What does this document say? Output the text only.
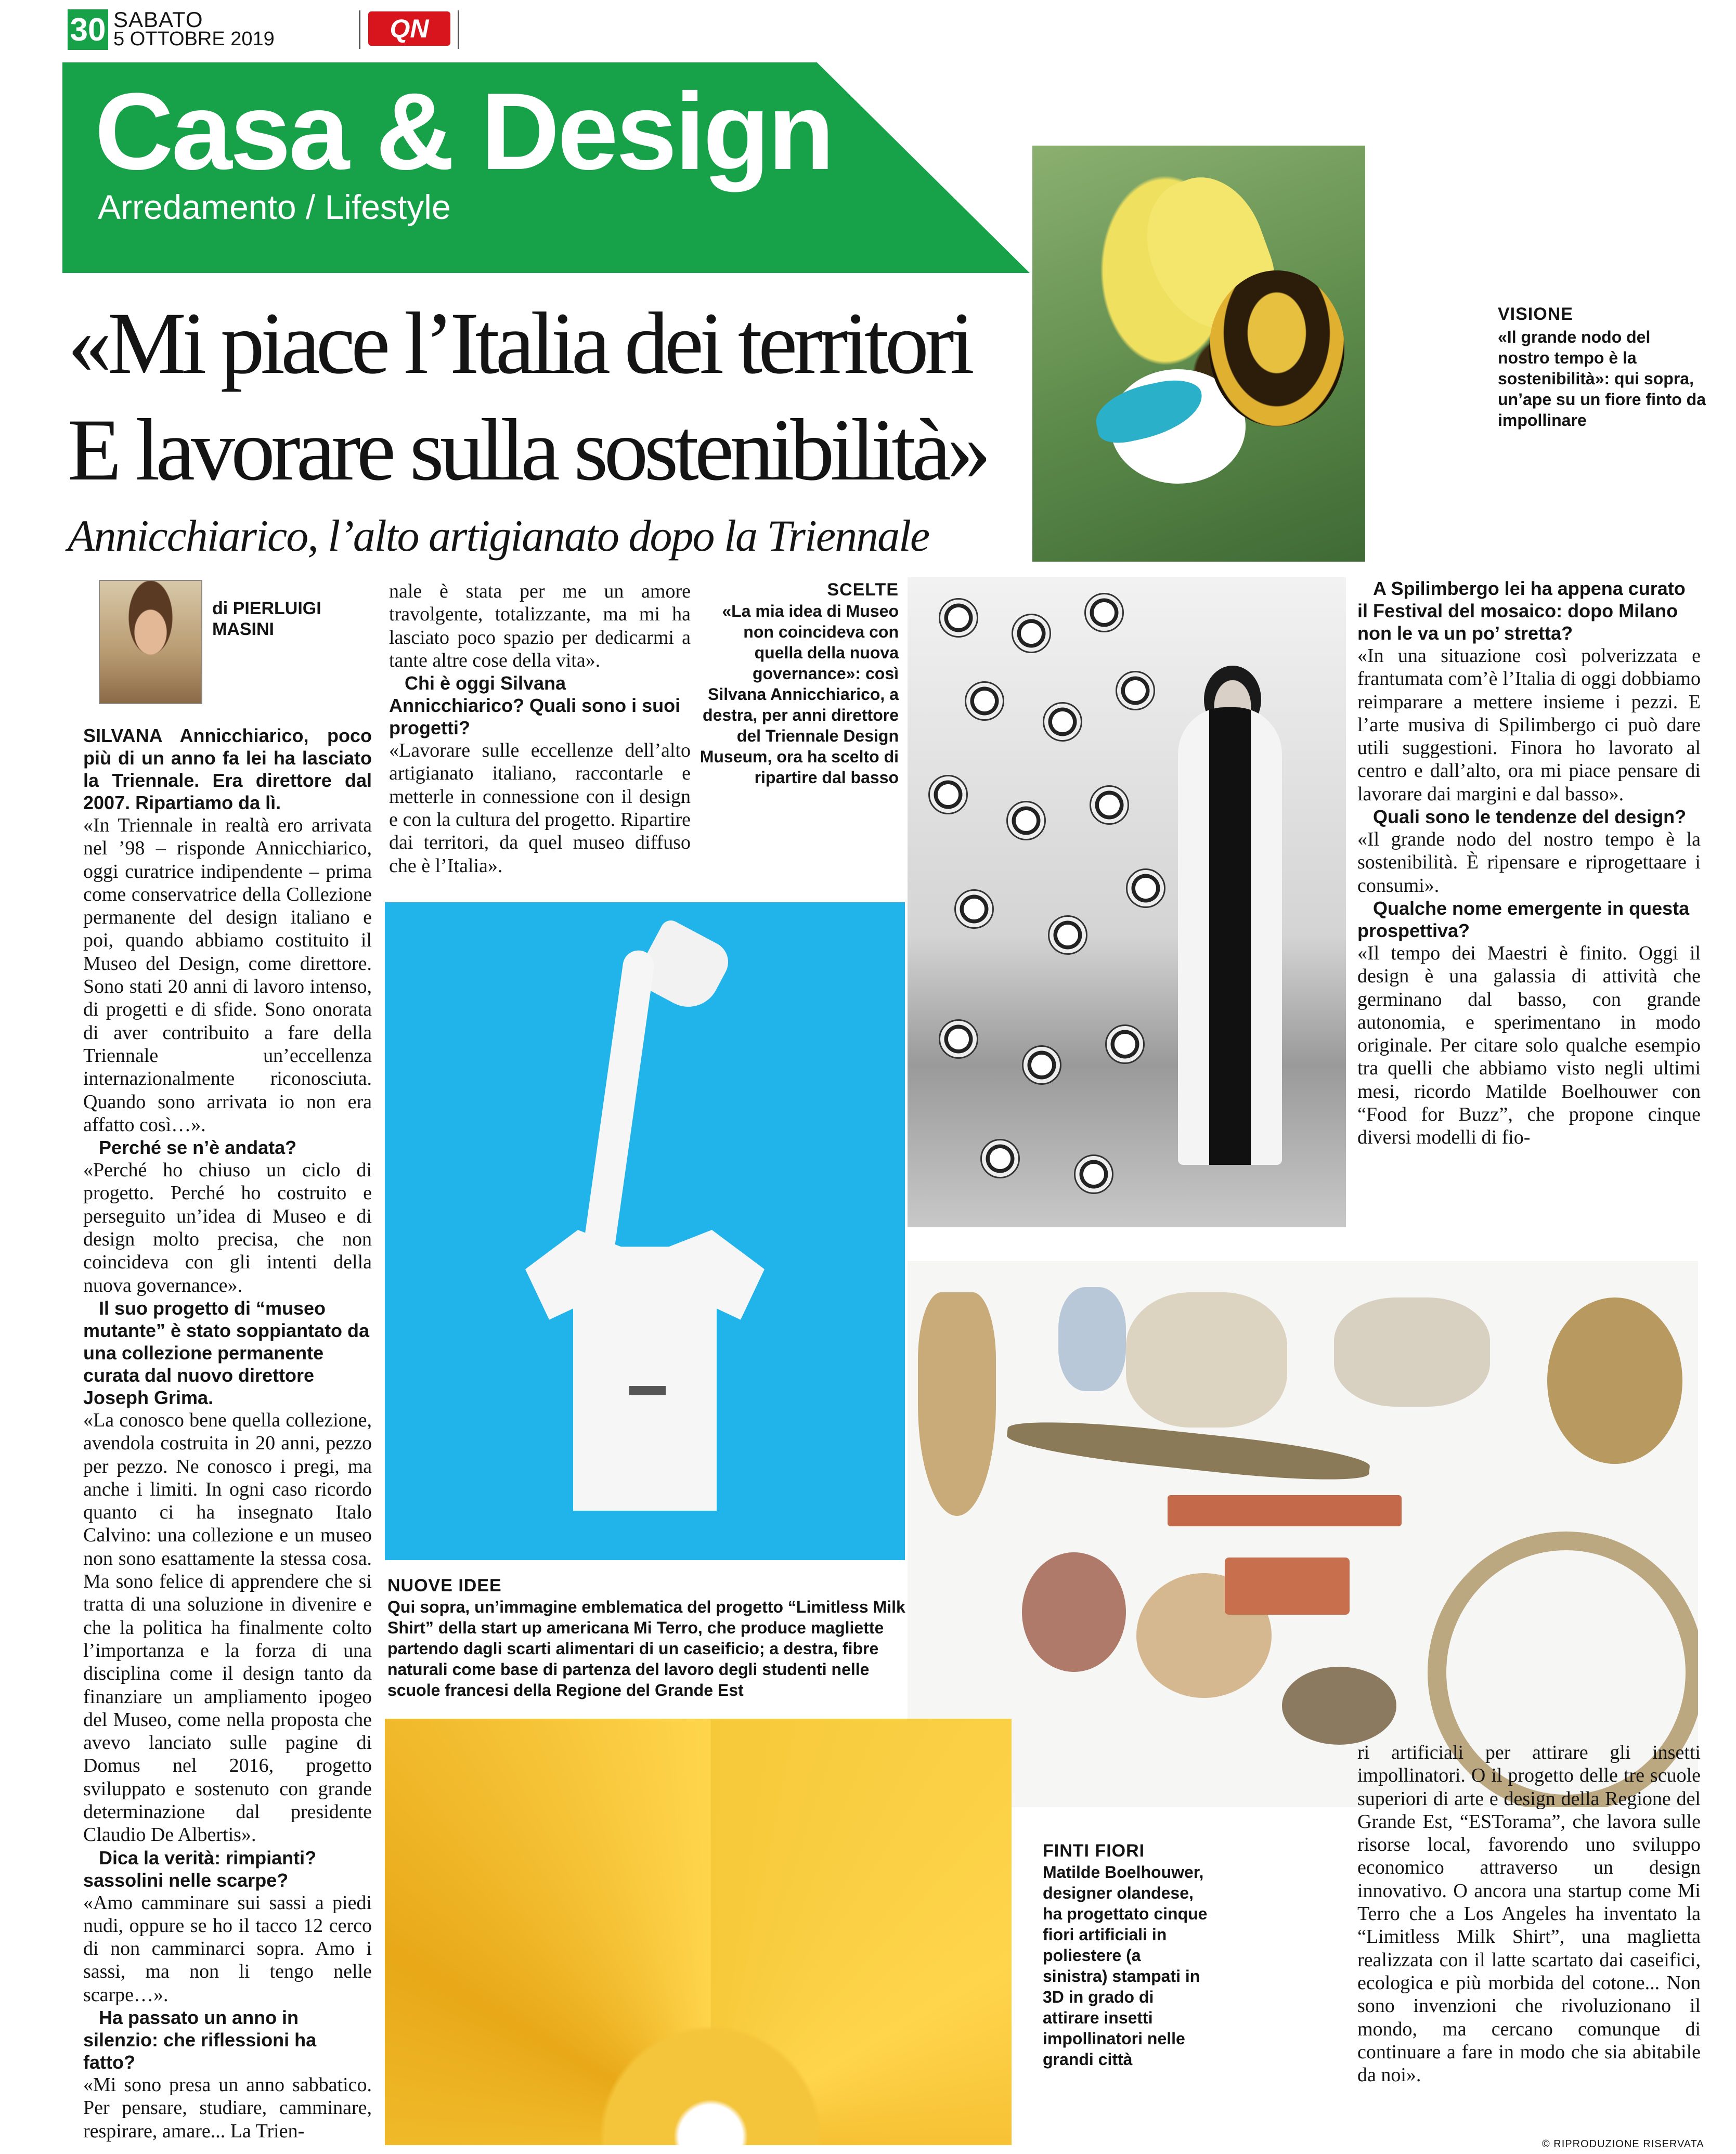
30 SABATO
5 OTTOBRE 2019	QN
Casa & Design
Arredamento / Lifestyle
«Mi piace l’Italia dei territori
E lavorare sulla sostenibilità»
Annicchiarico, l’alto artigianato dopo la Triennale
di PIERLUIGI MASINI
VISIONE
«Il grande nodo del nostro tempo è la sostenibilità»: qui sopra, un’ape su un fiore finto da impollinare
SCELTE
«La mia idea di Museo non coincideva con quella della nuova governance»: così Silvana Annicchiarico, a destra, per anni direttore del Triennale Design Museum, ora ha scelto di ripartire dal basso
NUOVE IDEE
Qui sopra, un’immagine emblematica del progetto “Limitless Milk Shirt” della start up americana Mi Terro, che produce magliette partendo dagli scarti alimentari di un caseificio; a destra, fibre naturali come base di partenza del lavoro degli studenti nelle scuole francesi della Regione del Grande Est
FINTI FIORI
Matilde Boelhouwer, designer olandese, ha progettato cinque fiori artificiali in poliestere (a sinistra) stampati in 3D in grado di attirare insetti impollinatori nelle grandi città

SILVANA Annicchiarico, poco più di un anno fa lei ha lasciato la Triennale. Era direttore dal 2007. Ripartiamo da lì.

«In Triennale in realtà ero arrivata nel ’98 – risponde Annicchiarico, oggi curatrice indipendente – prima come conservatrice della Collezione permanente del design italiano e poi, quando abbiamo costituito il Museo del Design, come direttore. Sono stati 20 anni di lavoro intenso, di progetti e di sfide. Sono onorata di aver contribuito a fare della Triennale un’eccellenza internazionalmente riconosciuta. Quando sono arrivata io non era affatto così…».

Perché se n’è andata?

«Perché ho chiuso un ciclo di progetto. Perché ho costruito e perseguito un’idea di Museo e di design molto precisa, che non coincideva con gli intenti della nuova governance».

Il suo progetto di “museo mutante” è stato soppiantato da una collezione permanente curata dal nuovo direttore Joseph Grima.

«La conosco bene quella collezione, avendola costruita in 20 anni, pezzo per pezzo. Ne conosco i pregi, ma anche i limiti. In ogni caso ricordo quanto ci ha insegnato Italo Calvino: una collezione e un museo non sono esattamente la stessa cosa. Ma sono felice di apprendere che si tratta di una soluzione in divenire e che la politica ha finalmente colto l’importanza e la forza di una disciplina come il design tanto da finanziare un ampliamento ipogeo del Museo, come nella proposta che avevo lanciato sulle pagine di Domus nel 2016, progetto sviluppato e sostenuto con grande determinazione dal presidente Claudio De Albertis».

Dica la verità: rimpianti? sassolini nelle scarpe?

«Amo camminare sui sassi a piedi nudi, oppure se ho il tacco 12 cerco di non camminarci sopra. Amo i sassi, ma non li tengo nelle scarpe…».

Ha passato un anno in silenzio: che riflessioni ha fatto?

«Mi sono presa un anno sabbatico. Per pensare, studiare, camminare, respirare, amare... La Trien-

nale è stata per me un amore travolgente, totalizzante, ma mi ha lasciato poco spazio per dedicarmi a tante altre cose della vita».

Chi è oggi Silvana Annicchiarico? Quali sono i suoi progetti?

«Lavorare sulle eccellenze dell’alto artigianato italiano, raccontarle e metterle in connessione con il design e con la cultura del progetto. Ripartire dai territori, da quel museo diffuso che è l’Italia».

A Spilimbergo lei ha appena curato il Festival del mosaico: dopo Milano non le va un po’ stretta?

«In una situazione così polverizzata e frantumata com’è l’Italia di oggi dobbiamo reimparare a mettere insieme i pezzi. E l’arte musiva di Spilimbergo ci può dare utili suggestioni. Finora ho lavorato al centro e dall’alto, ora mi piace pensare di lavorare dai margini e dal basso».

Quali sono le tendenze del design?

«Il grande nodo del nostro tempo è la sostenibilità. È ripensare e riprogettaare i consumi».

Qualche nome emergente in questa prospettiva?

«Il tempo dei Maestri è finito. Oggi il design è una galassia di attività che germinano dal basso, con grande autonomia, e sperimentano in modo originale. Per citare solo qualche esempio tra quelli che abbiamo visto negli ultimi mesi, ricordo Matilde Boelhouwer con “Food for Buzz”, che propone cinque diversi modelli di fio-

ri artificiali per attirare gli insetti impollinatori. O il progetto delle tre scuole superiori di arte e design della Regione del Grande Est, “ESTorama”, che lavora sulle risorse local, favorendo uno sviluppo economico attraverso un design innovativo. O ancora una startup come Mi Terro che a Los Angeles ha inventato la “Limitless Milk Shirt”, una maglietta realizzata con il latte scartato dai caseifici, ecologica e più morbida del cotone... Non sono invenzioni che rivoluzionano il mondo, ma cercano comunque di continuare a fare in modo che sia abitabile da noi».

© RIPRODUZIONE RISERVATA
